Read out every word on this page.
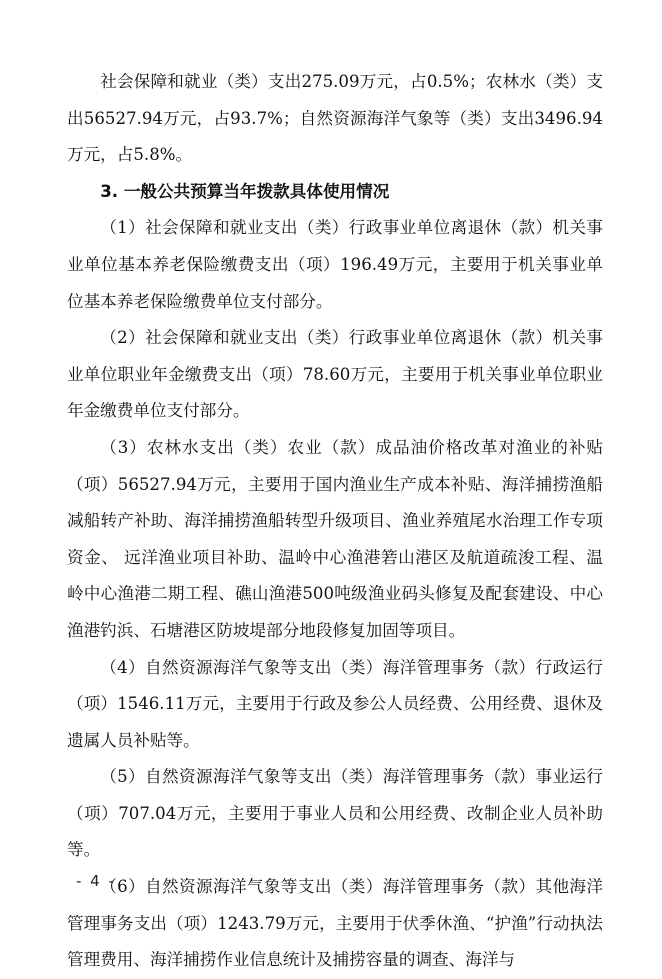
社会保障和就业（类）支出275.09万元，占0.5%；农林水（类）支出56527.94万元，占93.7%；自然资源海洋气象等（类）支出3496.94万元，占5.8%。

3. 一般公共预算当年拨款具体使用情况

（1）社会保障和就业支出（类）行政事业单位离退休（款）机关事业单位基本养老保险缴费支出（项）196.49万元，主要用于机关事业单位基本养老保险缴费单位支付部分。

（2）社会保障和就业支出（类）行政事业单位离退休（款）机关事业单位职业年金缴费支出（项）78.60万元，主要用于机关事业单位职业年金缴费单位支付部分。

（3）农林水支出（类）农业（款）成品油价格改革对渔业的补贴（项）56527.94万元，主要用于国内渔业生产成本补贴、海洋捕捞渔船减船转产补助、海洋捕捞渔船转型升级项目、渔业养殖尾水治理工作专项资金、 远洋渔业项目补助、温岭中心渔港箬山港区及航道疏浚工程、温岭中心渔港二期工程、礁山渔港500吨级渔业码头修复及配套建设、中心渔港钓浜、石塘港区防坡堤部分地段修复加固等项目。

（4）自然资源海洋气象等支出（类）海洋管理事务（款）行政运行（项）1546.11万元，主要用于行政及参公人员经费、公用经费、退休及遗属人员补贴等。

（5）自然资源海洋气象等支出（类）海洋管理事务（款）事业运行（项）707.04万元，主要用于事业人员和公用经费、改制企业人员补助等。

（6）自然资源海洋气象等支出（类）海洋管理事务（款）其他海洋管理事务支出（项）1243.79万元，主要用于伏季休渔、“护渔”行动执法管理费用、海洋捕捞作业信息统计及捕捞容量的调查、海洋与

- 4 -
